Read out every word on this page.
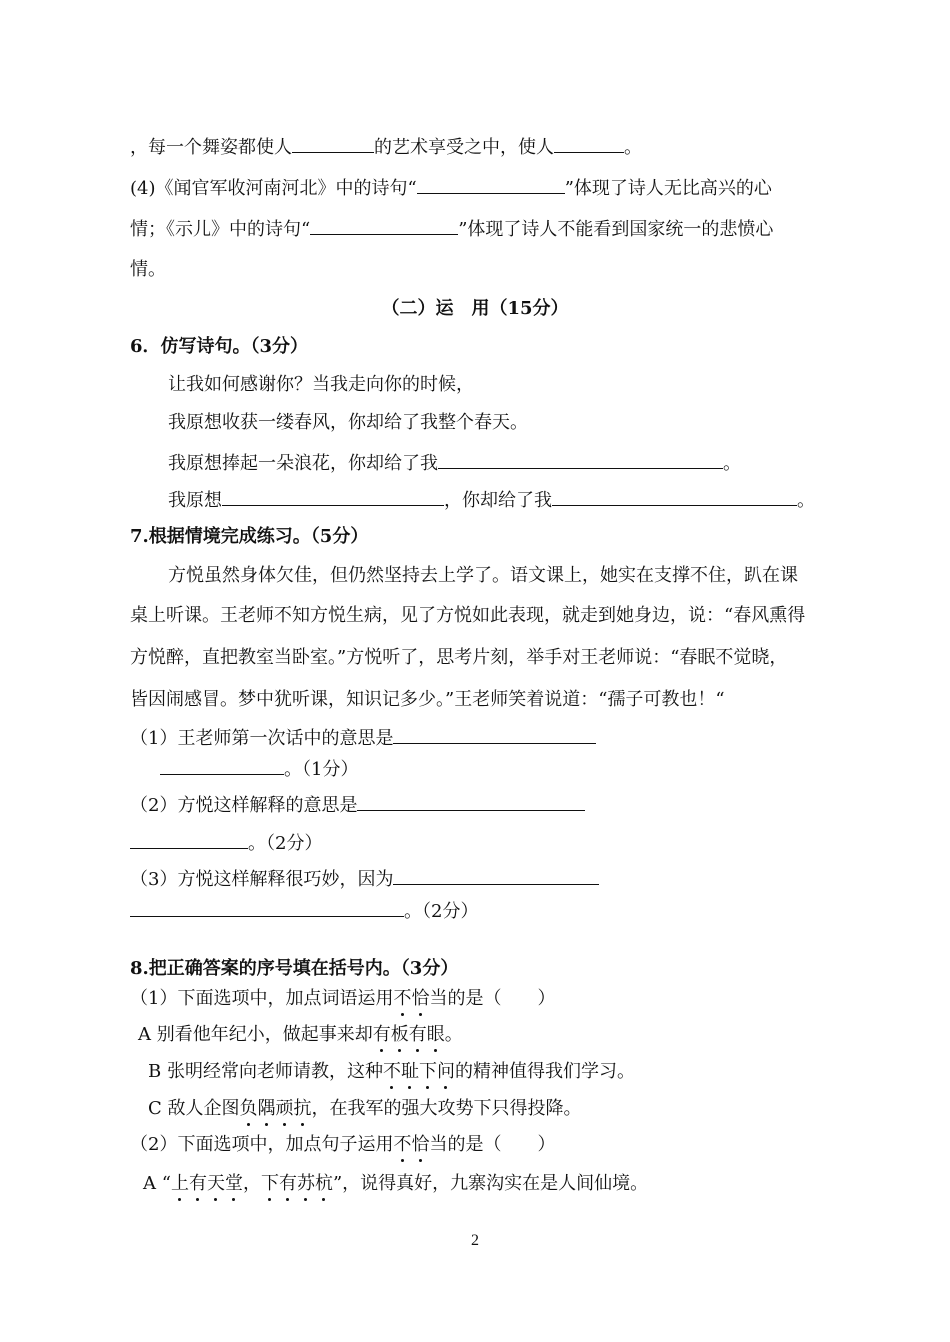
，每一个舞姿都使人	的艺术享受之中，使人	。
(4)《闻官军收河南河北》中的诗句“	”体现了诗人无比高兴的心
情；《示儿》中的诗句“	”体现了诗人不能看到国家统一的悲愤心
情。
（二）运　用（15分）
6．仿写诗句。（3分）
让我如何感谢你？当我走向你的时候，
我原想收获一缕春风，你却给了我整个春天。
我原想捧起一朵浪花，你却给了我	。
我原想	，你却给了我	。
7.根据情境完成练习。（5分）
方悦虽然身体欠佳，但仍然坚持去上学了。语文课上，她实在支撑不住，趴在课
桌上听课。王老师不知方悦生病，见了方悦如此表现，就走到她身边，说：“春风熏得
方悦醉，直把教室当卧室。”方悦听了，思考片刻，举手对王老师说：“春眠不觉晓，
皆因闹感冒。梦中犹听课，知识记多少。”王老师笑着说道：“孺子可教也！“
（1）王老师第一次话中的意思是
。（1分）
（2）方悦这样解释的意思是
。（2分）
（3）方悦这样解释很巧妙，因为
。（2分）
8.把正确答案的序号填在括号内。（3分）
（1）下面选项中，加点词语运用不恰当的是（　　）
A 别看他年纪小，做起事来却有板有眼。
B 张明经常向老师请教，这种不耻下问的精神值得我们学习。
C 敌人企图负隅顽抗，在我军的强大攻势下只得投降。
（2）下面选项中，加点句子运用不恰当的是（　　）
A “上有天堂，下有苏杭”，说得真好，九寨沟实在是人间仙境。
2
